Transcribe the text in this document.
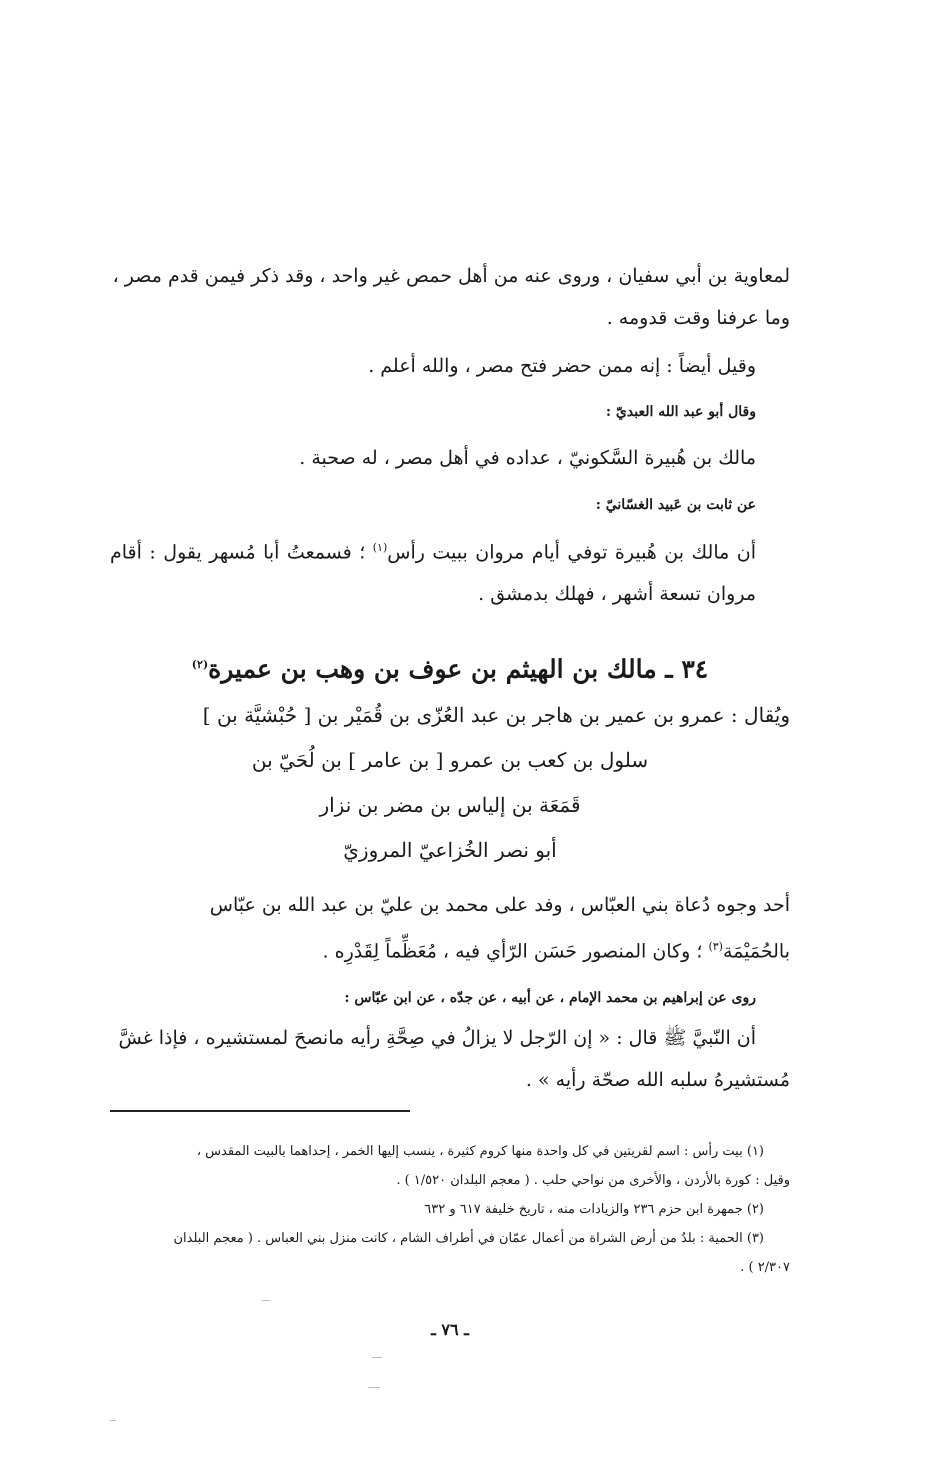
لمعاوية بن أبي سفيان ، وروى عنه من أهل حمص غير واحد ، وقد ذكر فيمن قدم مصر ،

وما عرفنا وقت قدومه .

وقيل أيضاً : إنه ممن حضر فتح مصر ، والله أعلم .

وقال أبو عبد الله العبديّ :

مالك بن هُبيرة السَّكونيّ ، عداده في أهل مصر ، له صحبة .

عن ثابت بن عَبيد الغسّانيّ :

أن مالك بن هُبيرة توفي أيام مروان ببيت رأس$^{(١)}$ ؛ فسمعتُ أبا مُسهر يقول : أقام مروان تسعة أشهر ، فهلك بدمشق .

٣٤ ـ مالك بن الهيثم بن عوف بن وهب بن عميرة$^{(٢)}$

ويُقال : عمرو بن عمير بن هاجر بن عبد العُزّى بن قُمَيْر بن [ حُبْشيَّة بن ]

سلول بن كعب بن عمرو [ بن عامر ] بن لُحَيّ بن

قَمَعَة بن إلياس بن مضر بن نزار

أبو نصر الخُزاعيّ المروزيّ

أحد وجوه دُعاة بني العبّاس ، وفد على محمد بن عليّ بن عبد الله بن عبّاس

بالحُمَيْمَة$^{(٣)}$ ؛ وكان المنصور حَسَن الرّأي فيه ، مُعَظِّماً لِقَدْرِه .

روى عن إبراهيم بن محمد الإمام ، عن أبيه ، عن جدّه ، عن ابن عبّاس :

أن النّبيَّ ﷺ قال : « إن الرّجل لا يزالُ في صِحَّةِ رأيه مانصحَ لمستشيره ، فإذا غشَّ

مُستشيرهُ سلبه الله صحّة رأيه » .

(١) بيت رأس : اسم لقريتين في كل واحدة منها كروم كثيرة ، ينسب إليها الخمر ، إحداهما بالبيت المقدس ،

وقيل : كورة بالأردن ، والأخرى من نواحي حلب . ( معجم البلدان ١/٥٢٠ ) .

(٢) جمهرة ابن حزم ٢٣٦ والزيادات منه ، تاريخ خليفة ٦١٧ و ٦٣٢

(٣) الحمية : بلدٌ من أرض الشراة من أعمال عمّان في أطراف الشام ، كانت منزل بني العباس . ( معجم البلدان

٢/٣٠٧ ) .

ـ ٧٦ ـ
